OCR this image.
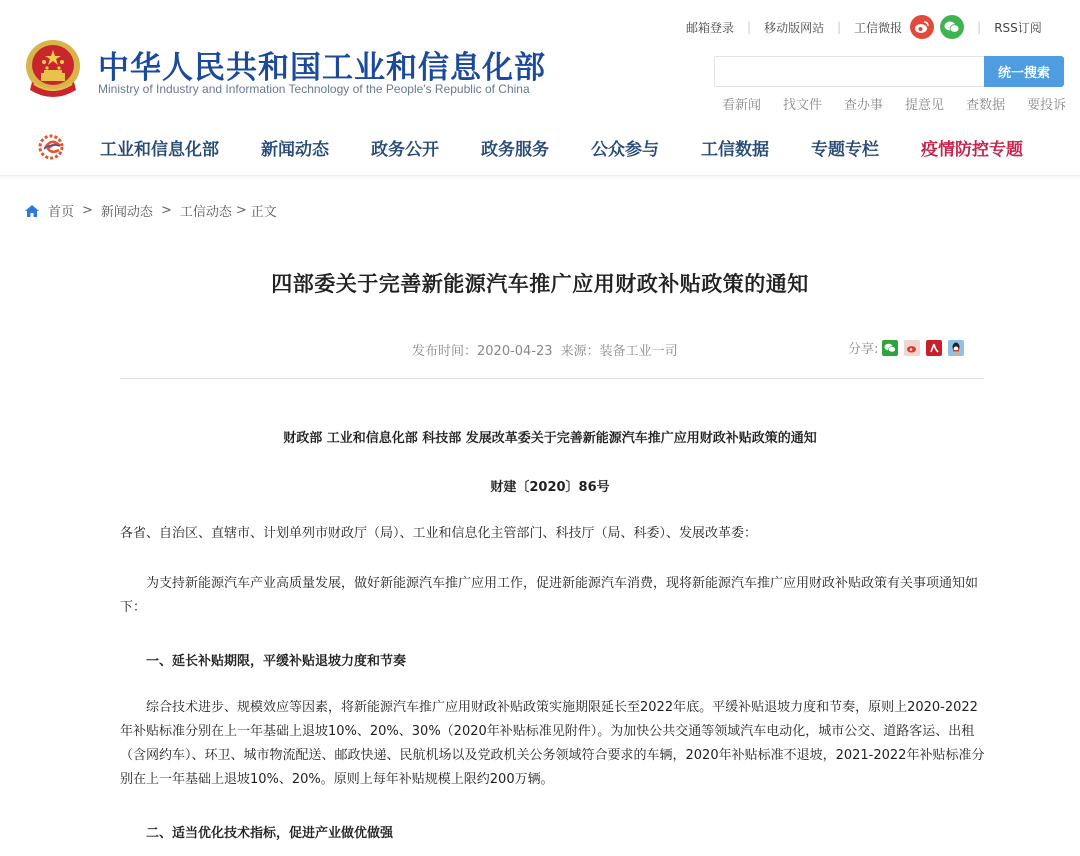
中华人民共和国工业和信息化部
Ministry of Industry and Information Technology of the People's Republic of China
邮箱登录 | 移动版网站 | 工信微报	| RSS订阅
统一搜索
看新闻 找文件 查办事 提意见 查数据 要投诉
工业和信息化部 新闻动态 政务公开 政务服务 公众参与 工信数据 专题专栏 疫情防控专题
首页 > 新闻动态 > 工信动态 > 正文
四部委关于完善新能源汽车推广应用财政补贴政策的通知
发布时间：2020-04-23 来源：装备工业一司	分享:
财政部 工业和信息化部 科技部 发展改革委关于完善新能源汽车推广应用财政补贴政策的通知
财建〔2020〕86号

各省、自治区、直辖市、计划单列市财政厅（局）、工业和信息化主管部门、科技厅（局、科委）、发展改革委：

为支持新能源汽车产业高质量发展，做好新能源汽车推广应用工作，促进新能源汽车消费，现将新能源汽车推广应用财政补贴政策有关事项通知如下：

一、延长补贴期限，平缓补贴退坡力度和节奏

综合技术进步、规模效应等因素，将新能源汽车推广应用财政补贴政策实施期限延长至2022年底。平缓补贴退坡力度和节奏，原则上2020-2022年补贴标准分别在上一年基础上退坡10%、20%、30%（2020年补贴标准见附件）。为加快公共交通等领域汽车电动化，城市公交、道路客运、出租（含网约车）、环卫、城市物流配送、邮政快递、民航机场以及党政机关公务领域符合要求的车辆，2020年补贴标准不退坡，2021-2022年补贴标准分别在上一年基础上退坡10%、20%。原则上每年补贴规模上限约200万辆。

二、适当优化技术指标，促进产业做优做强
